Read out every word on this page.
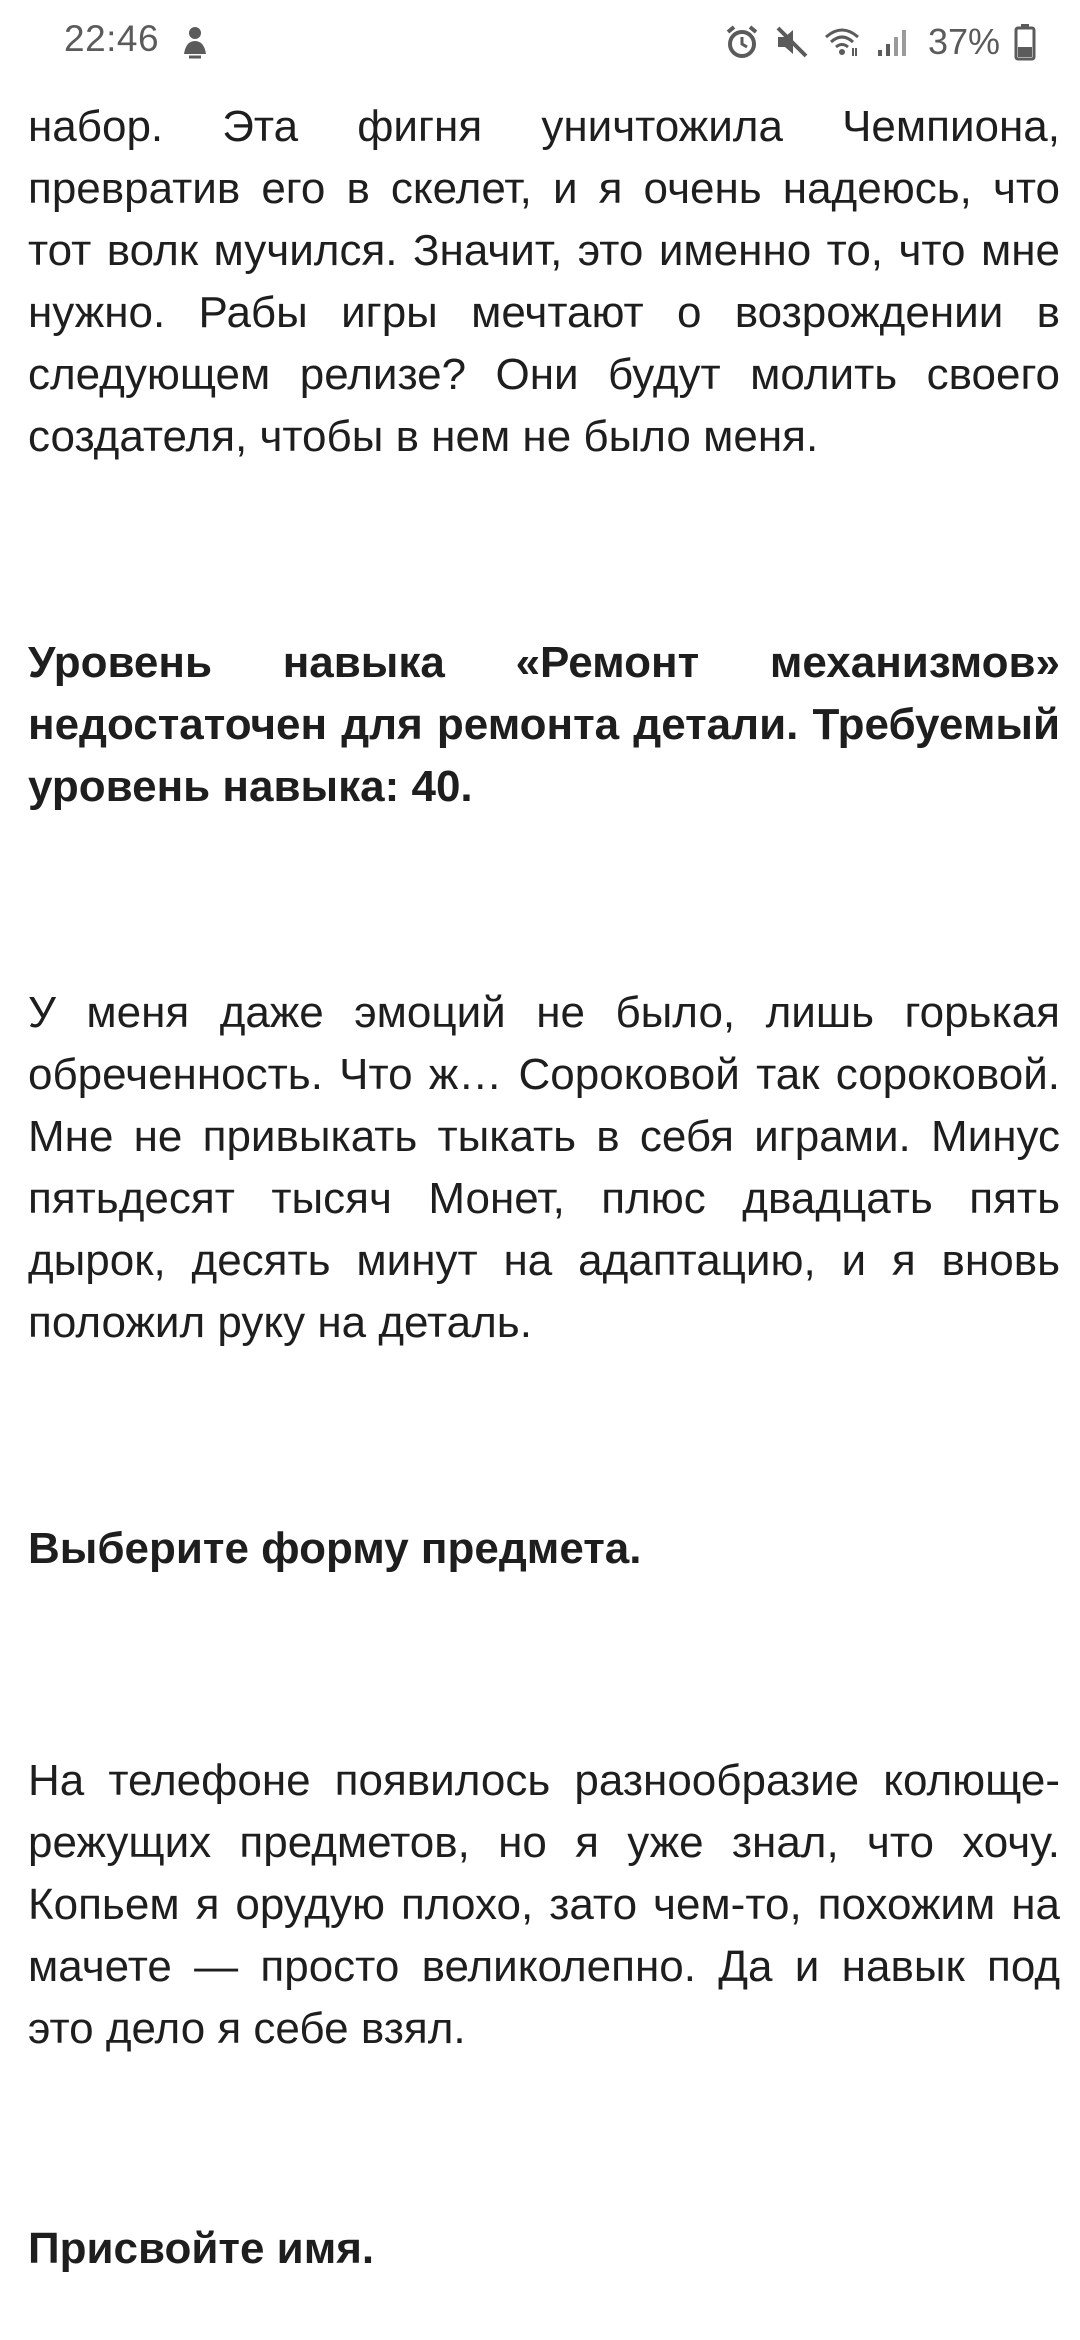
22:46	37%

набор. Эта фигня уничтожила Чемпиона, превратив его в скелет, и я очень надеюсь, что тот волк мучился. Значит, это именно то, что мне нужно. Рабы игры мечтают о возрождении в следующем релизе? Они будут молить своего создателя, чтобы в нем не было меня.

Уровень навыка «Ремонт механизмов» недостаточен для ремонта детали. Требуемый уровень навыка: 40.

У меня даже эмоций не было, лишь горькая обреченность. Что ж… Сороковой так сороковой. Мне не привыкать тыкать в себя играми. Минус пятьдесят тысяч Монет, плюс двадцать пять дырок, десять минут на адаптацию, и я вновь положил руку на деталь.

Выберите форму предмета.

На телефоне появилось разнообразие колюще-режущих предметов, но я уже знал, что хочу. Копьем я орудую плохо, зато чем-то, похожим на мачете — просто великолепно. Да и навык под это дело я себе взял.

Присвойте имя.
